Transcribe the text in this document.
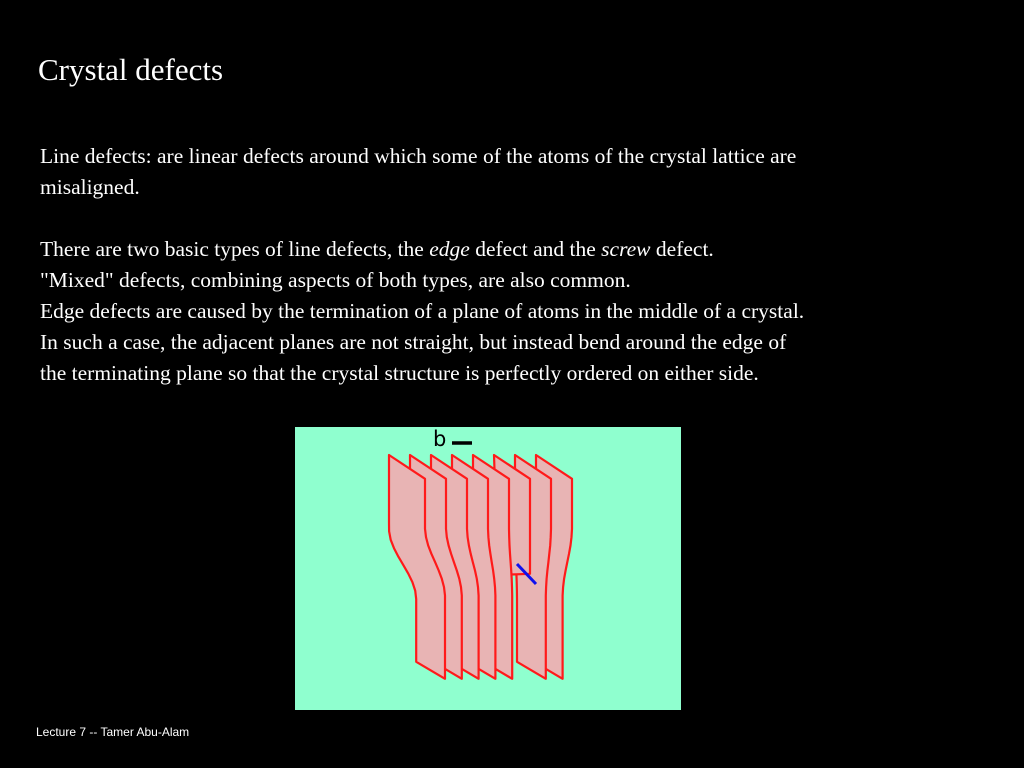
Crystal defects

Line defects: are linear defects around which some of the atoms of the crystal lattice are
misaligned.

There are two basic types of line defects, the edge defect and the screw defect.
"Mixed" defects, combining aspects of both types, are also common.
Edge defects are caused by the termination of a plane of atoms in the middle of a crystal.
In such a case, the adjacent planes are not straight, but instead bend around the edge of
the terminating plane so that the crystal structure is perfectly ordered on either side.

b
Lecture 7 -- Tamer Abu-Alam
